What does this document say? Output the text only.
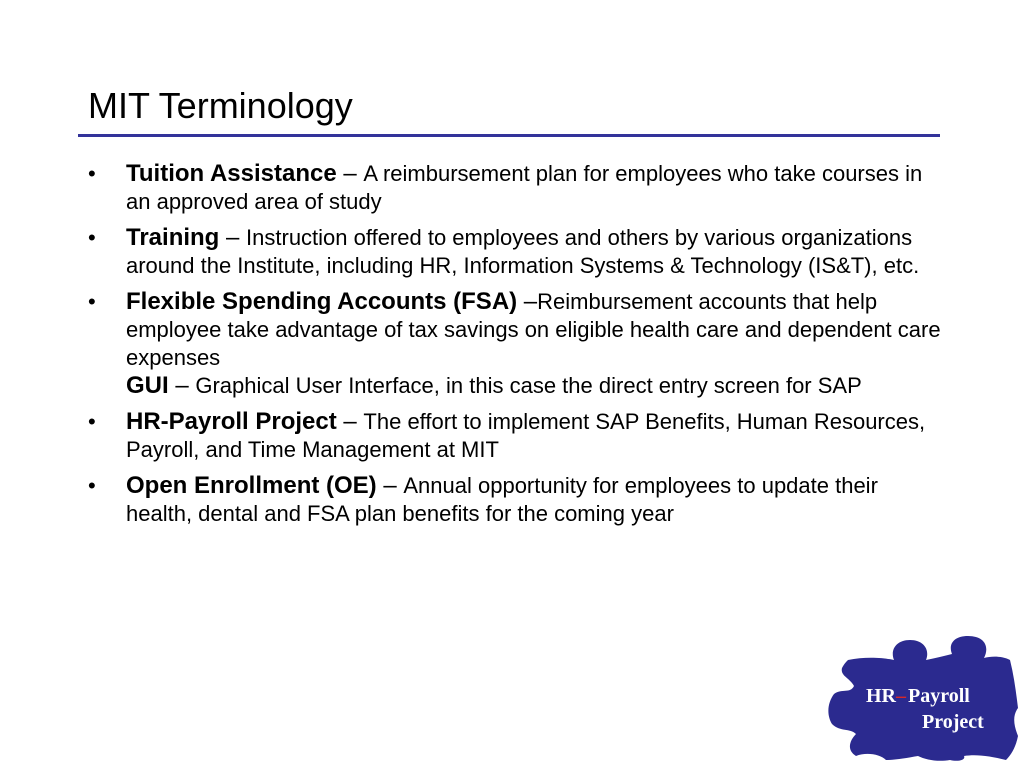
MIT Terminology
•	Tuition Assistance – A reimbursement plan for employees who take courses in an approved area of study
•	Training – Instruction offered to employees and others by various organizations around the Institute, including HR, Information Systems & Technology (IS&T), etc.
•	Flexible Spending Accounts (FSA) –Reimbursement accounts that help employee take advantage of tax savings on eligible health care and dependent care expenses
GUI – Graphical User Interface, in this case the direct entry screen for SAP
•	HR-Payroll Project – The effort to implement SAP Benefits, Human Resources, Payroll, and Time Management at MIT
•	Open Enrollment (OE) – Annual opportunity for employees to update their health, dental and FSA plan benefits for the coming year
HR – Payroll
Project
